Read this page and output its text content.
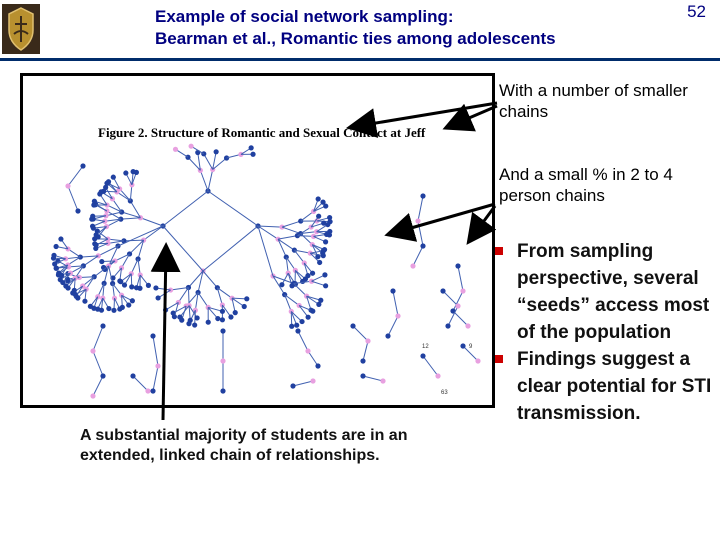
Foundations of Research
Example of social network sampling:
Bearman et al., Romantic ties among adolescents
52
12	9
63
Figure 2. Structure of Romantic and Sexual Contact at Jeff
With a number of smaller chains
And a small % in 2 to 4 person chains
A substantial majority of students are in an extended, linked chain of relationships.
From sampling perspective, several “seeds” access most of the population
Findings suggest a clear potential for STI transmission.
